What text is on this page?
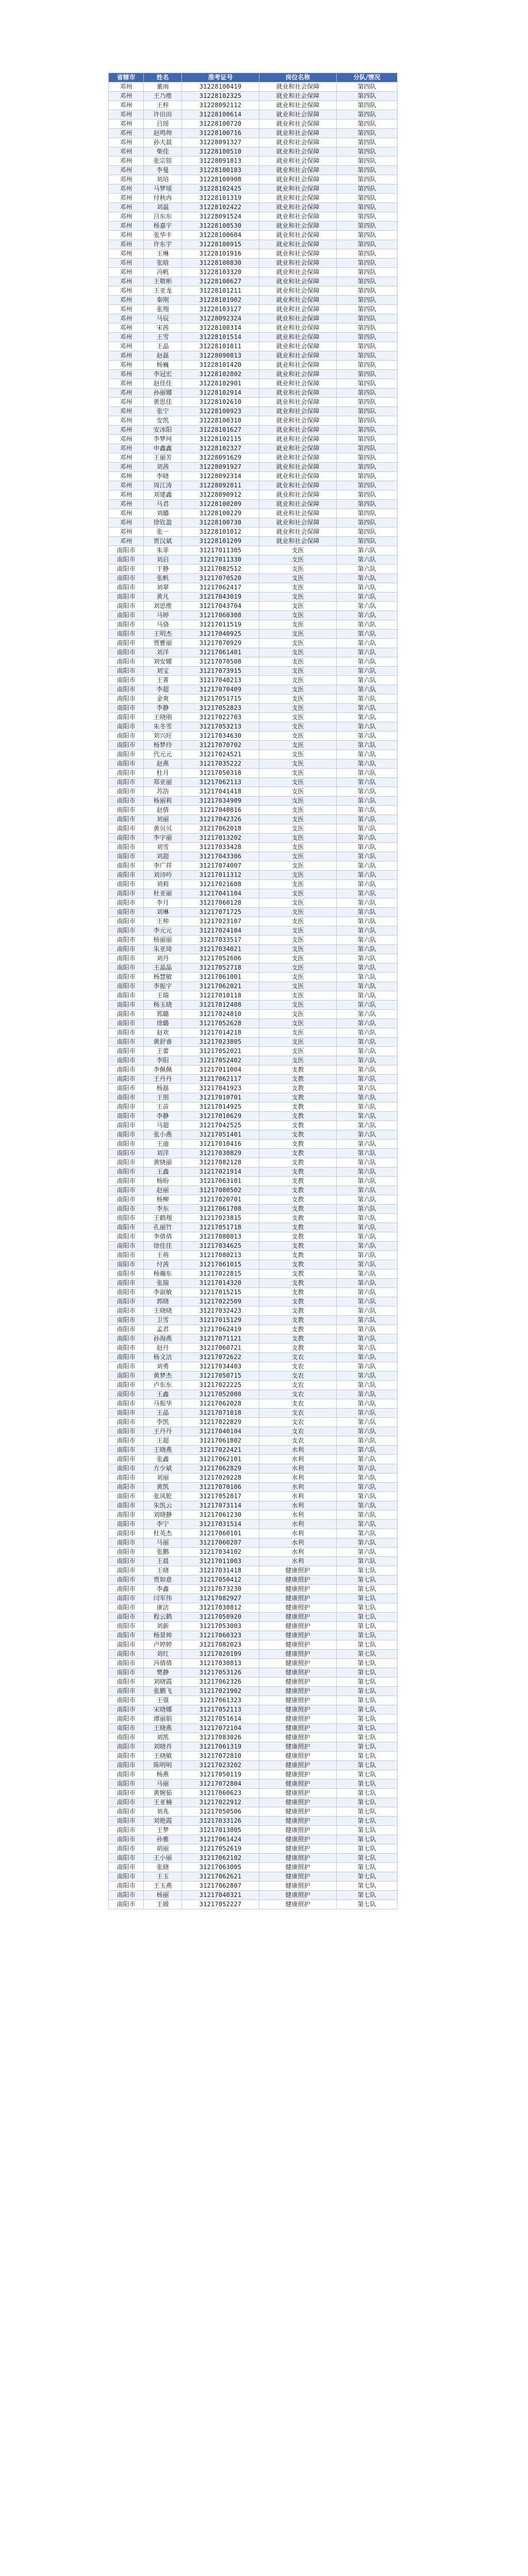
省辖市	姓名	准考证号	岗位名称	分队/情况
邓州	董雨	31228100419	就业和社会保障	第四队
邓州	王乃维	31228102325	就业和社会保障	第四队
邓州	王梓	31228092112	就业和社会保障	第四队
邓州	许田田	31228100614	就业和社会保障	第四队
邓州	吕瑶	31228100720	就业和社会保障	第四队
邓州	赵鸣帅	31228100716	就业和社会保障	第四队
邓州	孙大晨	31228091327	就业和社会保障	第四队
邓州	柴佳	31228100510	就业和社会保障	第四队
邓州	张宗铭	31228091813	就业和社会保障	第四队
邓州	李曼	31228100103	就业和社会保障	第四队
邓州	刘培	31228100908	就业和社会保障	第四队
邓州	马梦瑶	31228102425	就业和社会保障	第四队
邓州	付秋冉	31228101319	就业和社会保障	第四队
邓州	刘温	31228102422	就业和社会保障	第四队
邓州	吕东东	31228091524	就业和社会保障	第四队
邓州	杨嘉宇	31228100530	就业和社会保障	第四队
邓州	张华丰	31228100604	就业和社会保障	第四队
邓州	许东宇	31228100915	就业和社会保障	第四队
邓州	王琳	31228101916	就业和社会保障	第四队
邓州	张晗	31228100830	就业和社会保障	第四队
邓州	冯帆	31228103320	就业和社会保障	第四队
邓州	王敬彬	31228100627	就业和社会保障	第四队
邓州	王亚龙	31228101211	就业和社会保障	第四队
邓州	秦刚	31228101902	就业和社会保障	第四队
邓州	张翔	31228103127	就业和社会保障	第四队
邓州	马辰	31228092324	就业和社会保障	第四队
邓州	宋茜	31228100314	就业和社会保障	第四队
邓州	王雪	31228101514	就业和社会保障	第四队
邓州	王晶	31228101811	就业和社会保障	第四队
邓州	赵磊	31228090813	就业和社会保障	第四队
邓州	杨巍	31228101420	就业和社会保障	第四队
邓州	李冠宏	31228102802	就业和社会保障	第四队
邓州	赵佳佳	31228102901	就业和社会保障	第四队
邓州	孙丽娜	31228102914	就业和社会保障	第四队
邓州	黄思佳	31228102610	就业和社会保障	第四队
邓州	张宁	31228100923	就业和社会保障	第四队
邓州	安凯	31228100310	就业和社会保障	第四队
邓州	安冰阳	31228101627	就业和社会保障	第四队
邓州	李梦珂	31228102115	就业和社会保障	第四队
邓州	申鑫鑫	31228102327	就业和社会保障	第四队
邓州	王丽芳	31228091629	就业和社会保障	第四队
邓州	刘茜	31228091927	就业和社会保障	第四队
邓州	李晓	31228092314	就业和社会保障	第四队
邓州	周江涛	31228092811	就业和社会保障	第四队
邓州	刘建鑫	31228090912	就业和社会保障	第四队
邓州	马君	31228100209	就业和社会保障	第四队
邓州	刘璐	31228100229	就业和社会保障	第四队
邓州	徐钦盈	31228100730	就业和社会保障	第四队
邓州	张一	31228101012	就业和社会保障	第四队
邓州	贾汉斌	31228101209	就业和社会保障	第四队
南阳市	朱菲	31217011305	支医	第六队
南阳市	刘启	31217011330	支医	第六队
南阳市	于静	31217082512	支医	第六队
南阳市	张帆	31217070520	支医	第六队
南阳市	刘翠	31217062417	支医	第六队
南阳市	黄凡	31217043019	支医	第六队
南阳市	刘思维	31217043704	支医	第六队
南阳市	马婷	31217060308	支医	第六队
南阳市	马骁	31217011519	支医	第六队
南阳市	王明杰	31217040925	支医	第六队
南阳市	贾雅丽	31217070929	支医	第六队
南阳市	刘洋	31217061401	支医	第六队
南阳市	刘安娜	31217070508	支医	第六队
南阳市	刘宝	31217073915	支医	第六队
南阳市	王菁	31217040213	支医	第六队
南阳市	李超	31217070409	支医	第六队
南阳市	金爽	31217051715	支医	第六队
南阳市	李静	31217052823	支医	第六队
南阳市	王晓刚	31217022703	支医	第六队
南阳市	朱冬雪	31217053213	支医	第六队
南阳市	刘兴旺	31217034630	支医	第六队
南阳市	杨梦玲	31217070702	支医	第六队
南阳市	代元元	31217024521	支医	第六队
南阳市	赵燕	31217035222	支医	第六队
南阳市	杜月	31217050318	支医	第六队
南阳市	郑亚丽	31217062113	支医	第六队
南阳市	苏浩	31217041418	支医	第六队
南阳市	杨丽莉	31217034909	支医	第六队
南阳市	赵倩	31217040816	支医	第六队
南阳市	刘丽	31217042326	支医	第六队
南阳市	黄贝贝	31217062018	支医	第六队
南阳市	李宇丽	31217013202	支医	第六队
南阳市	刘雪	31217033428	支医	第六队
南阳市	刘超	31217043306	支医	第六队
南阳市	李广祥	31217074007	支医	第六队
南阳市	刘诗吟	31217011312	支医	第六队
南阳市	刘莉	31217021608	支医	第六队
南阳市	杜亚丽	31217041104	支医	第六队
南阳市	李月	31217060128	支医	第六队
南阳市	刘琳	31217071725	支医	第六队
南阳市	王帅	31217023107	支医	第六队
南阳市	李元元	31217024104	支医	第六队
南阳市	杨丽丽	31217033517	支医	第六队
南阳市	朱亚琦	31217034021	支医	第六队
南阳市	刘丹	31217052606	支医	第六队
南阳市	王晶晶	31217052718	支医	第六队
南阳市	杨慧敏	31217061001	支医	第六队
南阳市	李振宇	31217062021	支医	第六队
南阳市	王瑞	31217010118	支医	第六队
南阳市	杨玉晓	31217012408	支医	第六队
南阳市	郭璐	31217024810	支医	第六队
南阳市	徐璐	31217052628	支医	第六队
南阳市	赵欢	31217014218	支医	第六队
南阳市	黄舒睿	31217023805	支医	第六队
南阳市	王蕾	31217052021	支医	第六队
南阳市	李阳	31217052402	支医	第六队
南阳市	李佩佩	31217011004	支教	第六队
南阳市	王丹丹	31217062117	支教	第六队
南阳市	杨磊	31217041923	支教	第六队
南阳市	王朋	31217010701	支教	第六队
南阳市	王苗	31217014925	支教	第六队
南阳市	李静	31217010629	支教	第六队
南阳市	马超	31217042525	支教	第六队
南阳市	张小燕	31217051401	支教	第六队
南阳市	王迪	31217010416	支教	第六队
南阳市	刘洋	31217030829	支教	第六队
南阳市	黄晓丽	31217082128	支教	第六队
南阳市	王鑫	31217021914	支教	第六队
南阳市	杨盼	31217063101	支教	第六队
南阳市	赵丽	31217080502	支教	第六队
南阳市	杨柳	31217020701	支教	第六队
南阳市	李东	31217061708	支教	第六队
南阳市	王鹤翔	31217023815	支教	第六队
南阳市	孔丽竹	31217051718	支教	第六队
南阳市	李倩倩	31217080813	支教	第六队
南阳市	徐佳佳	31217034625	支教	第六队
南阳市	王萌	31217080213	支教	第六队
南阳市	付茜	31217061015	支教	第六队
南阳市	杨瀚东	31217022815	支教	第六队
南阳市	张瑞	31217014320	支教	第六队
南阳市	李淑敏	31217015215	支教	第六队
南阳市	郭晓	31217022509	支教	第六队
南阳市	王晓晓	31217032423	支教	第六队
南阳市	卫雪	31217015129	支教	第六队
南阳市	孟君	31217062419	支教	第六队
南阳市	孙海燕	31217071121	支教	第六队
南阳市	赵丹	31217060721	支教	第六队
南阳市	杨文洁	31217072622	支农	第六队
南阳市	刘勇	31217034403	支农	第六队
南阳市	黄梦杰	31217050715	支农	第六队
南阳市	卢东东	31217022225	支农	第六队
南阳市	王鑫	31217052008	支农	第六队
南阳市	马振华	31217062028	支农	第六队
南阳市	王晶	31217071018	支农	第六队
南阳市	李凯	31217022829	支农	第六队
南阳市	王丹丹	31217040104	支农	第六队
南阳市	王超	31217061802	支农	第六队
南阳市	王晓燕	31217022421	水利	第六队
南阳市	张鑫	31217062101	水利	第六队
南阳市	方少斌	31217062829	水利	第六队
南阳市	刘丽	31217020228	水利	第六队
南阳市	黄凯	31217070106	水利	第六队
南阳市	张凤乾	31217052817	水利	第六队
南阳市	朱凯云	31217073114	水利	第六队
南阳市	刘晓静	31217061230	水利	第六队
南阳市	李宁	31217031514	水利	第六队
南阳市	杜英杰	31217060101	水利	第六队
南阳市	马丽	31217060207	水利	第六队
南阳市	张鹏	31217034102	水利	第六队
南阳市	王晨	31217011003	水利	第六队
南阳市	王晓	31217031418	健康照护	第七队
南阳市	贾如意	31217050412	健康照护	第七队
南阳市	李鑫	31217073230	健康照护	第七队
南阳市	闫军伟	31217082927	健康照护	第七队
南阳市	康洁	31217030812	健康照护	第七队
南阳市	程云鹤	31217050920	健康照护	第七队
南阳市	刘新	31217053003	健康照护	第七队
南阳市	杨景帅	31217060323	健康照护	第七队
南阳市	卢婷婷	31217082023	健康照护	第七队
南阳市	刘红	31217020109	健康照护	第七队
南阳市	冯倩倩	31217030813	健康照护	第七队
南阳市	樊静	31217053126	健康照护	第七队
南阳市	刘晓霞	31217062326	健康照护	第七队
南阳市	张鹏飞	31217021902	健康照护	第七队
南阳市	王强	31217061323	健康照护	第七队
南阳市	宋晓娜	31217052113	健康照护	第七队
南阳市	谭丽娟	31217051614	健康照护	第七队
南阳市	王晓燕	31217072104	健康照护	第七队
南阳市	刘凯	31217083026	健康照护	第七队
南阳市	刘晓肖	31217061319	健康照护	第七队
南阳市	王晓敏	31217072810	健康照护	第七队
南阳市	陈明明	31217023202	健康照护	第七队
南阳市	杨燕	31217050119	健康照护	第七队
南阳市	马丽	31217072804	健康照护	第七队
南阳市	黄婉茹	31217060623	健康照护	第七队
南阳市	王亚楠	31217022912	健康照护	第七队
南阳市	刘兆	31217050506	健康照护	第七队
南阳市	刘艳霞	31217033126	健康照护	第七队
南阳市	王梦	31217013005	健康照护	第七队
南阳市	孙雅	31217061424	健康照护	第七队
南阳市	胡丽	31217052619	健康照护	第七队
南阳市	王小丽	31217062102	健康照护	第七队
南阳市	张晓	31217063005	健康照护	第七队
南阳市	王玉	31217062621	健康照护	第七队
南阳市	王玉燕	31217062807	健康照护	第七队
南阳市	杨丽	31217040321	健康照护	第七队
南阳市	王媛	31217052227	健康照护	第七队
